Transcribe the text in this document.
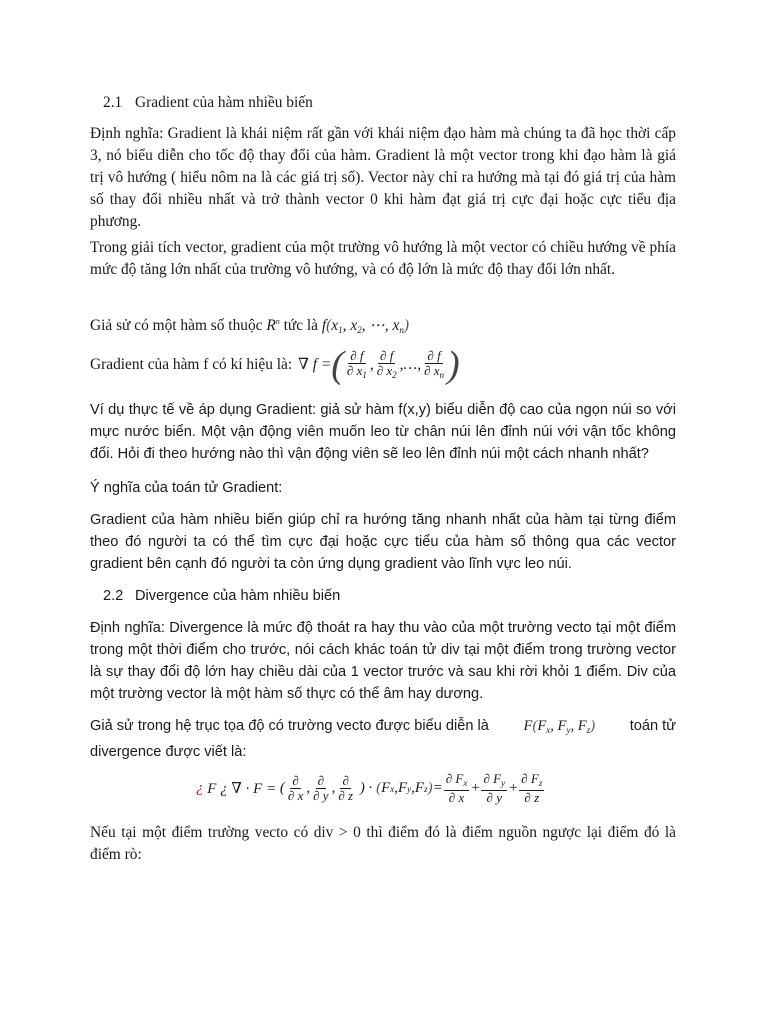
2.1 Gradient của hàm nhiều biến

Định nghĩa: Gradient là khái niệm rất gần với khái niệm đạo hàm mà chúng ta đã học thời cấp 3, nó biểu diễn cho tốc độ thay đổi của hàm. Gradient là một vector trong khi đạo hàm là giá trị vô hướng ( hiểu nôm na là các giá trị số). Vector này chỉ ra hướng mà tại đó giá trị của hàm số thay đổi nhiều nhất và trở thành vector 0 khi hàm đạt giá trị cực đại hoặc cực tiểu địa phương.

Trong giải tích vector, gradient của một trường vô hướng là một vector có chiều hướng về phía mức độ tăng lớn nhất của trường vô hướng, và có độ lớn là mức độ thay đổi lớn nhất.

Giả sử có một hàm số thuộc $R^n$ tức là $f(x_1$, $x_2$, ⋯, $x_n$)
Gradient của hàm f có kí hiệu là: ∇ f = ( $\frac{\partial f}{\partial x_1}$ , $\frac{\partial f}{\partial x_2}$ ,…, $\frac{\partial f}{\partial x_n}$ )

Ví dụ thực tế về áp dụng Gradient: giả sử hàm f(x,y) biểu diễn độ cao của ngọn núi so với mực nước biển. Một vận động viên muốn leo từ chân núi lên đỉnh núi với vận tốc không đổi. Hỏi đi theo hướng nào thì vận động viên sẽ leo lên đỉnh núi một cách nhanh nhất?

Ý nghĩa của toán tử Gradient:

Gradient của hàm nhiều biến giúp chỉ ra hướng tăng nhanh nhất của hàm tại từng điểm theo đó người ta có thể tìm cực đại hoặc cực tiểu của hàm số thông qua các vector gradient bên cạnh đó người ta còn ứng dụng gradient vào lĩnh vực leo núi.

2.2 Divergence của hàm nhiều biến

Định nghĩa: Divergence là mức độ thoát ra hay thu vào của một trường vecto tại một điểm trong một thời điểm cho trước, nói cách khác toán tử div tại một điểm trong trường vector là sự thay đổi độ lớn hay chiều dài của 1 vector trước và sau khi rời khỏi 1 điểm. Div của một trường vector là một hàm số thực có thể âm hay dương.

Giả sử trong hệ trục tọa độ có trường vecto được biểu diễn là $F(F_x$, $F_y$, $F_z$) toán tử
divergence được viết là:
¿
F ¿ ∇ · F = ( $\frac{\partial}{\partial x}$ , $\frac{\partial}{\partial y}$ , $\frac{\partial}{\partial z}$ ) · ( F x , F y , F z ) = $\frac{\partial F_x}{\partial x} + \frac{\partial F_y}{\partial y} + \frac{\partial F_z}{\partial z}$

Nếu tại một điểm trường vecto có div > 0 thì điểm đó là điểm nguồn ngược lại điểm đó là điểm rò:
